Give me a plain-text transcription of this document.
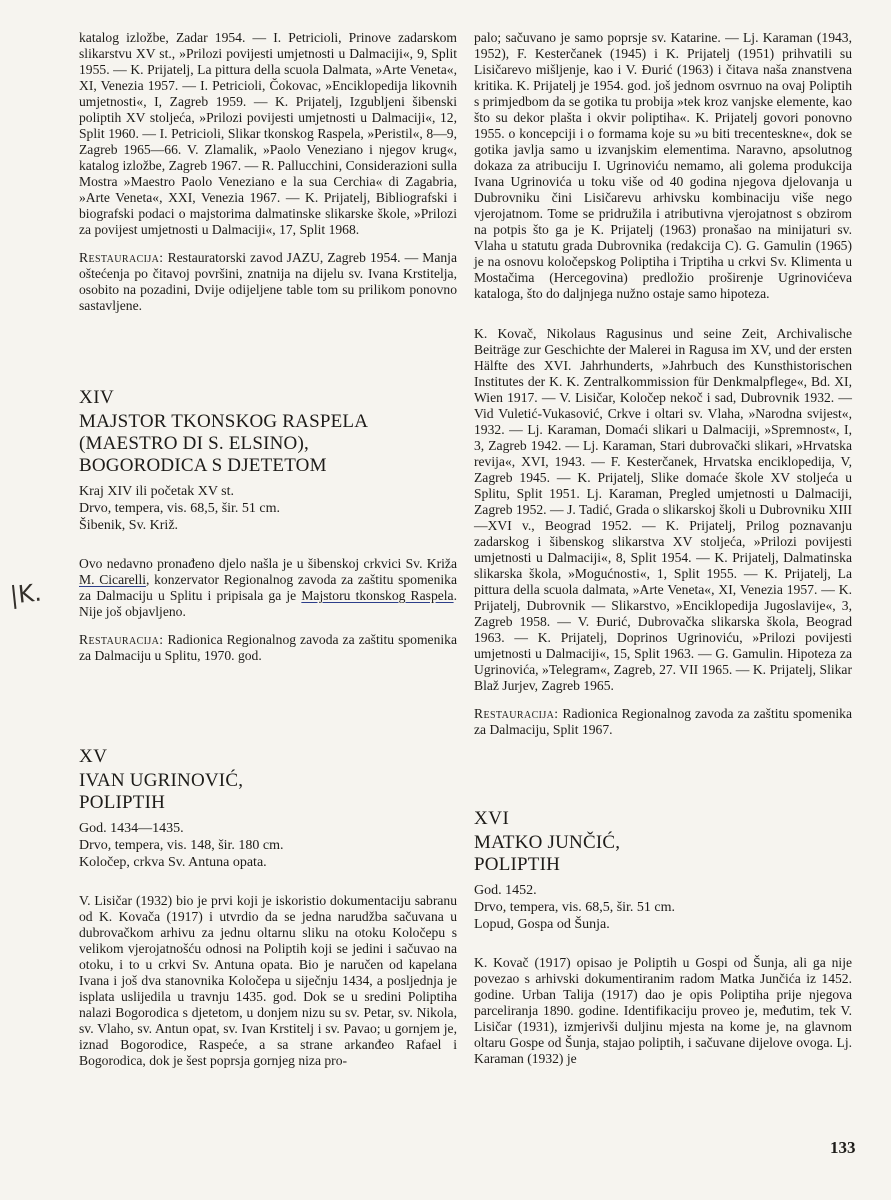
|K.

katalog izložbe, Zadar 1954. — I. Petricioli, Prinove zadarskom slikarstvu XV st., »Prilozi povijesti umjetnosti u Dalmaciji«, 9, Split 1955. — K. Prijatelj, La pittura della scuola Dalmata, »Arte Veneta«, XI, Venezia 1957. — I. Petricioli, Čokovac, »Enciklopedija likovnih umjetnosti«, I, Zagreb 1959. — K. Prijatelj, Izgubljeni šibenski poliptih XV stoljeća, »Prilozi povijesti umjetnosti u Dalmaciji«, 12, Split 1960. — I. Petricioli, Slikar tkonskog Raspela, »Peristil«, 8—9, Zagreb 1965—66. V. Zlamalik, »Paolo Veneziano i njegov krug«, katalog izložbe, Zagreb 1967. — R. Pallucchini, Considerazioni sulla Mostra »Maestro Paolo Veneziano e la sua Cerchia« di Zagabria, »Arte Veneta«, XXI, Venezia 1967. — K. Prijatelj, Bibliografski i biografski podaci o majstorima dalmatinske slikarske škole, »Prilozi za povijest umjetnosti u Dalmaciji«, 17, Split 1968.

Restauracija: Restauratorski zavod JAZU, Zagreb 1954. — Manja oštećenja po čitavoj površini, znatnija na dijelu sv. Ivana Krstitelja, osobito na pozadini, Dvije odijeljene table tom su prilikom ponovno sastavljene.

XIV
MAJSTOR TKONSKOG RASPELA
(MAESTRO DI S. ELSINO),
BOGORODICA S DJETETOM

Kraj XIV ili početak XV st.

Drvo, tempera, vis. 68,5, šir. 51 cm.

Šibenik, Sv. Križ.

Ovo nedavno pronađeno djelo našla je u šibenskoj crkvici Sv. Križa M. Cicarelli, konzervator Regionalnog zavoda za zaštitu spomenika za Dalmaciju u Splitu i pripisala ga je Majstoru tkonskog Raspela. Nije još objavljeno.

Restauracija: Radionica Regionalnog zavoda za zaštitu spomenika za Dalmaciju u Splitu, 1970. god.

XV
IVAN UGRINOVIĆ,
POLIPTIH

God. 1434—1435.

Drvo, tempera, vis. 148, šir. 180 cm.

Koločep, crkva Sv. Antuna opata.

V. Lisičar (1932) bio je prvi koji je iskoristio dokumentaciju sabranu od K. Kovača (1917) i utvrdio da se jedna narudžba sačuvana u dubrovačkom arhivu za jednu oltarnu sliku na otoku Koločepu s velikom vjerojatnošću odnosi na Poliptih koji se jedini i sačuvao na otoku, i to u crkvi Sv. Antuna opata. Bio je naručen od kapelana Ivana i još dva stanovnika Koločepa u siječnju 1434, a posljednja je isplata uslijedila u travnju 1435. god. Dok se u sredini Poliptiha nalazi Bogorodica s djetetom, u donjem nizu su sv. Petar, sv. Nikola, sv. Vlaho, sv. Antun opat, sv. Ivan Krstitelj i sv. Pavao; u gornjem je, iznad Bogorodice, Raspeće, a sa strane arkanđeo Rafael i Bogorodica, dok je šest poprsja gornjeg niza pro-

palo; sačuvano je samo poprsje sv. Katarine. — Lj. Karaman (1943, 1952), F. Kesterčanek (1945) i K. Prijatelj (1951) prihvatili su Lisičarevo mišljenje, kao i V. Đurić (1963) i čitava naša znanstvena kritika. K. Prijatelj je 1954. god. još jednom osvrnuo na ovaj Poliptih s primjedbom da se gotika tu probija »tek kroz vanjske elemente, kao što su dekor plašta i okvir poliptiha«. K. Prijatelj govori ponovno 1955. o koncepciji i o formama koje su »u biti trecenteskne«, dok se gotika javlja samo u izvanjskim elementima. Naravno, apsolutnog dokaza za atribuciju I. Ugrinoviću nemamo, ali golema produkcija Ivana Ugrinovića u toku više od 40 godina njegova djelovanja u Dubrovniku čini Lisičarevu arhivsku kombinaciju više nego vjerojatnom. Tome se pridružila i atributivna vjerojatnost s obzirom na potpis što ga je K. Prijatelj (1963) pronašao na minijaturi sv. Vlaha u statutu grada Dubrovnika (redakcija C). G. Gamulin (1965) je na osnovu koločepskog Poliptiha i Triptiha u crkvi Sv. Klimenta u Mostačima (Hercegovina) predložio proširenje Ugrinovićeva kataloga, što do daljnjega nužno ostaje samo hipoteza.

K. Kovač, Nikolaus Ragusinus und seine Zeit, Archivalische Beiträge zur Geschichte der Malerei in Ragusa im XV, und der ersten Hälfte des XVI. Jahrhunderts, »Jahrbuch des Kunsthistorischen Institutes der K. K. Zentralkommission für Denkmalpflege«, Bd. XI, Wien 1917. — V. Lisičar, Koločep nekoč i sad, Dubrovnik 1932. — Vid Vuletić-Vukasović, Crkve i oltari sv. Vlaha, »Narodna svijest«, 1932. — Lj. Karaman, Domaći slikari u Dalmaciji, »Spremnost«, I, 3, Zagreb 1942. — Lj. Karaman, Stari dubrovački slikari, »Hrvatska revija«, XVI, 1943. — F. Kesterčanek, Hrvatska enciklopedija, V, Zagreb 1945. — K. Prijatelj, Slike domaće škole XV stoljeća u Splitu, Split 1951. Lj. Karaman, Pregled umjetnosti u Dalmaciji, Zagreb 1952. — J. Tadić, Grada o slikarskoj školi u Dubrovniku XIII—XVI v., Beograd 1952. — K. Prijatelj, Prilog poznavanju zadarskog i šibenskog slikarstva XV stoljeća, »Prilozi povijesti umjetnosti u Dalmaciji«, 8, Split 1954. — K. Prijatelj, Dalmatinska slikarska škola, »Mogućnosti«, 1, Split 1955. — K. Prijatelj, La pittura della scuola dalmata, »Arte Veneta«, XI, Venezia 1957. — K. Prijatelj, Dubrovnik — Slikarstvo, »Enciklopedija Jugoslavije«, 3, Zagreb 1958. — V. Đurić, Dubrovačka slikarska škola, Beograd 1963. — K. Prijatelj, Doprinos Ugrinoviću, »Prilozi povijesti umjetnosti u Dalmaciji«, 15, Split 1963. — G. Gamulin. Hipoteza za Ugrinovića, »Telegram«, Zagreb, 27. VII 1965. — K. Prijatelj, Slikar Blaž Jurjev, Zagreb 1965.

Restauracija: Radionica Regionalnog zavoda za zaštitu spomenika za Dalmaciju, Split 1967.

XVI
MATKO JUNČIĆ,
POLIPTIH

God. 1452.

Drvo, tempera, vis. 68,5, šir. 51 cm.

Lopud, Gospa od Šunja.

K. Kovač (1917) opisao je Poliptih u Gospi od Šunja, ali ga nije povezao s arhivski dokumentiranim radom Matka Junčića iz 1452. godine. Urban Talija (1917) dao je opis Poliptiha prije njegova parceliranja 1890. godine. Identifikaciju proveo je, međutim, tek V. Lisičar (1931), izmjerivši duljinu mjesta na kome je, na glavnom oltaru Gospe od Šunja, stajao poliptih, i sačuvane dijelove ovoga. Lj. Karaman (1932) je

133
